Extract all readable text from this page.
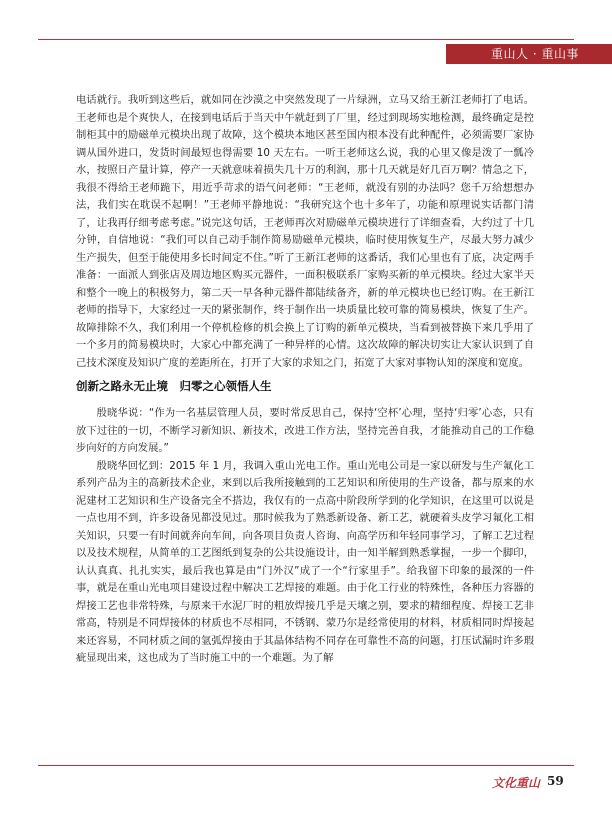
重山人 · 重山事

电话就行。我听到这些后，就如同在沙漠之中突然发现了一片绿洲，立马又给王新江老师打了电话。王老师也是个爽快人，在接到电话后于当天中午就赶到了厂里，经过到现场实地检测，最终确定是控制柜其中的励磁单元模块出现了故障，这个模块本地区甚至国内根本没有此种配件，必须需要厂家协调从国外进口，发货时间最短也得需要 10 天左右。一听王老师这么说，我的心里又像是泼了一瓢冷水，按照日产量计算，停产一天就意味着损失几十万的利润，那十几天就是好几百万啊？情急之下，我很不得给王老师跪下，用近乎苛求的语气问老师：“王老师，就没有别的办法吗？您千万给想想办法，我们实在耽误不起啊！”王老师平静地说：“我研究这个也十多年了，功能和原理说实话都门清了，让我再仔细考虑考虑。”说完这句话，王老师再次对励磁单元模块进行了详细查看，大约过了十几分钟，自信地说：“我们可以自己动手制作简易励磁单元模块，临时使用恢复生产，尽最大努力减少生产损失，但至于能使用多长时间定不住。”听了王新江老师的这番话，我们心里也有了底，决定两手准备：一面派人到张店及周边地区购买元器件，一面积极联系厂家购买新的单元模块。经过大家半天和整个一晚上的积极努力，第二天一早各种元器件都陆续备齐，新的单元模块也已经订购。在王新江老师的指导下，大家经过一天的紧张制作，终于制作出一块质量比较可靠的简易模块，恢复了生产。故障排除不久，我们利用一个停机检修的机会换上了订购的新单元模块，当看到被替换下来几乎用了一个多月的简易模块时，大家心中都充满了一种异样的心情。这次故障的解决切实让大家认识到了自己技术深度及知识广度的差距所在，打开了大家的求知之门，拓宽了大家对事物认知的深度和宽度。

创新之路永无止境　归零之心领悟人生

殷晓华说：“作为一名基层管理人员，要时常反思自己，保持‘空杯’心理，坚持‘归零’心态，只有放下过往的一切，不断学习新知识、新技术，改进工作方法，坚持完善自我，才能推动自己的工作稳步向好的方向发展。”

殷晓华回忆到：2015 年 1 月，我调入重山光电工作。重山光电公司是一家以研发与生产氟化工系列产品为主的高新技术企业，来到以后我所接触到的工艺知识和所使用的生产设备，都与原来的水泥建材工艺知识和生产设备完全不搭边，我仅有的一点高中阶段所学到的化学知识，在这里可以说是一点也用不到，许多设备见都没见过。那时候我为了熟悉新设备、新工艺，就硬着头皮学习氟化工相关知识，只要一有时间就奔向车间，向各项目负责人咨询、向高学历和年轻同事学习，了解工艺过程以及技术规程，从简单的工艺图纸到复杂的公共设施设计，由一知半解到熟悉掌握，一步一个脚印，认认真真、扎扎实实，最后我也算是由“门外汉”成了一个“行家里手”。给我留下印象的最深的一件事，就是在重山光电项目建设过程中解决工艺焊接的难题。由于化工行业的特殊性，各种压力容器的焊接工艺也非常特殊，与原来干水泥厂时的粗放焊接几乎是天壤之别，要求的精细程度、焊接工艺非常高，特别是不同焊接体的材质也不尽相同，不锈钢、蒙乃尔是经常使用的材料，材质相同时焊接起来还容易，不同材质之间的氩弧焊接由于其晶体结构不同存在可靠性不高的问题，打压试漏时许多瑕疵显现出来，这也成为了当时施工中的一个难题。为了解

文化重山 59
